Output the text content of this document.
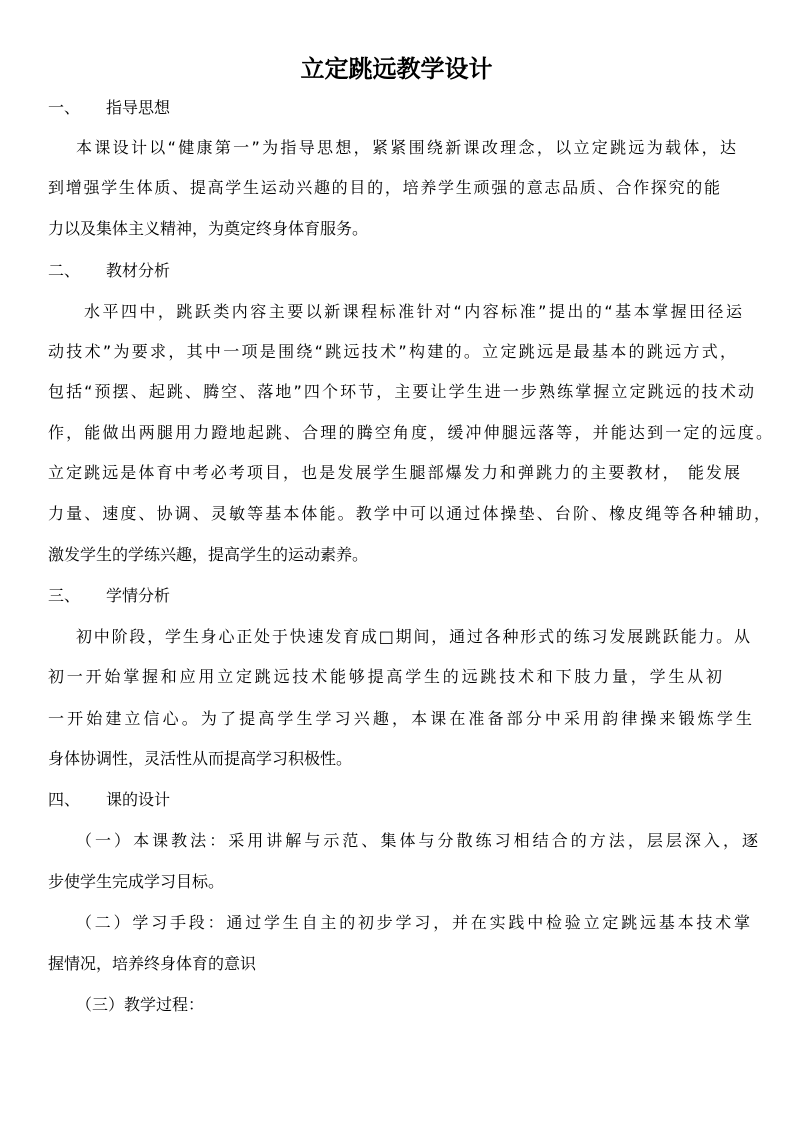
立定跳远教学设计
一、 指导思想
本课设计以“健康第一”为指导思想，紧紧围绕新课改理念，以立定跳远为载体，达
到增强学生体质、提高学生运动兴趣的目的，培养学生顽强的意志品质、合作探究的能
力以及集体主义精神，为奠定终身体育服务。
二、 教材分析
水平四中，跳跃类内容主要以新课程标准针对“内容标准”提出的“基本掌握田径运
动技术”为要求，其中一项是围绕“跳远技术”构建的。立定跳远是最基本的跳远方式，
包括“预摆、起跳、腾空、落地”四个环节，主要让学生进一步熟练掌握立定跳远的技术动
作，能做出两腿用力蹬地起跳、合理的腾空角度，缓冲伸腿远落等，并能达到一定的远度。
立定跳远是体育中考必考项目，也是发展学生腿部爆发力和弹跳力的主要教材， 能发展
力量、速度、协调、灵敏等基本体能。教学中可以通过体操垫、台阶、橡皮绳等各种辅助，
激发学生的学练兴趣，提高学生的运动素养。
三、 学情分析
初中阶段，学生身心正处于快速发育成□期间，通过各种形式的练习发展跳跃能力。从
初一开始掌握和应用立定跳远技术能够提高学生的远跳技术和下肢力量，学生从初
一开始建立信心。为了提高学生学习兴趣，本课在准备部分中采用韵律操来锻炼学生
身体协调性，灵活性从而提高学习积极性。
四、 课的设计
（一）本课教法：采用讲解与示范、集体与分散练习相结合的方法，层层深入，逐
步使学生完成学习目标。
（二）学习手段：通过学生自主的初步学习，并在实践中检验立定跳远基本技术掌
握情况，培养终身体育的意识
（三）教学过程：
